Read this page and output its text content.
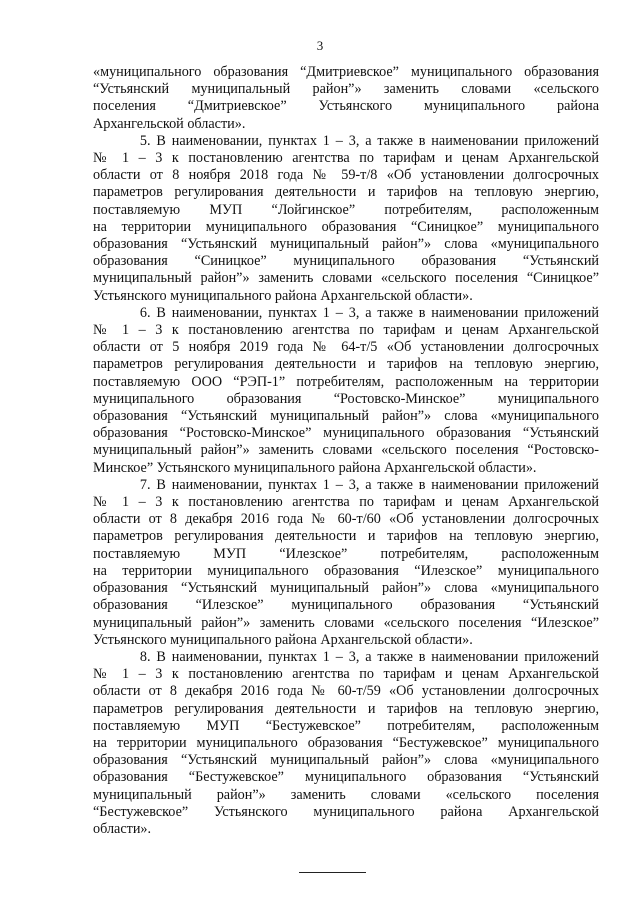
3

«муниципального образования “Дмитриевское” муниципального образования
“Устьянский муниципальный район”» заменить словами «сельского
поселения “Дмитриевское” Устьянского муниципального района
Архангельской области».

5. В наименовании, пунктах 1 – 3, а также в наименовании приложений
№ 1 – 3 к постановлению агентства по тарифам и ценам Архангельской
области от 8 ноября 2018 года № 59-т/8 «Об установлении долгосрочных
параметров регулирования деятельности и тарифов на тепловую энергию,
поставляемую МУП “Лойгинское” потребителям, расположенным
на территории муниципального образования “Синицкое” муниципального
образования “Устьянский муниципальный район”» слова «муниципального
образования “Синицкое” муниципального образования “Устьянский
муниципальный район”» заменить словами «сельского поселения “Синицкое”
Устьянского муниципального района Архангельской области».

6. В наименовании, пунктах 1 – 3, а также в наименовании приложений
№ 1 – 3 к постановлению агентства по тарифам и ценам Архангельской
области от 5 ноября 2019 года № 64-т/5 «Об установлении долгосрочных
параметров регулирования деятельности и тарифов на тепловую энергию,
поставляемую ООО “РЭП-1” потребителям, расположенным на территории
муниципального образования “Ростовско-Минское” муниципального
образования “Устьянский муниципальный район”» слова «муниципального
образования “Ростовско-Минское” муниципального образования “Устьянский
муниципальный район”» заменить словами «сельского поселения “Ростовско-
Минское” Устьянского муниципального района Архангельской области».

7. В наименовании, пунктах 1 – 3, а также в наименовании приложений
№ 1 – 3 к постановлению агентства по тарифам и ценам Архангельской
области от 8 декабря 2016 года № 60-т/60 «Об установлении долгосрочных
параметров регулирования деятельности и тарифов на тепловую энергию,
поставляемую МУП “Илезское” потребителям, расположенным
на территории муниципального образования “Илезское” муниципального
образования “Устьянский муниципальный район”» слова «муниципального
образования “Илезское” муниципального образования “Устьянский
муниципальный район”» заменить словами «сельского поселения “Илезское”
Устьянского муниципального района Архангельской области».

8. В наименовании, пунктах 1 – 3, а также в наименовании приложений
№ 1 – 3 к постановлению агентства по тарифам и ценам Архангельской
области от 8 декабря 2016 года № 60-т/59 «Об установлении долгосрочных
параметров регулирования деятельности и тарифов на тепловую энергию,
поставляемую МУП “Бестужевское” потребителям, расположенным
на территории муниципального образования “Бестужевское” муниципального
образования “Устьянский муниципальный район”» слова «муниципального
образования “Бестужевское” муниципального образования “Устьянский
муниципальный район”» заменить словами «сельского поселения
“Бестужевское” Устьянского муниципального района Архангельской
области».
